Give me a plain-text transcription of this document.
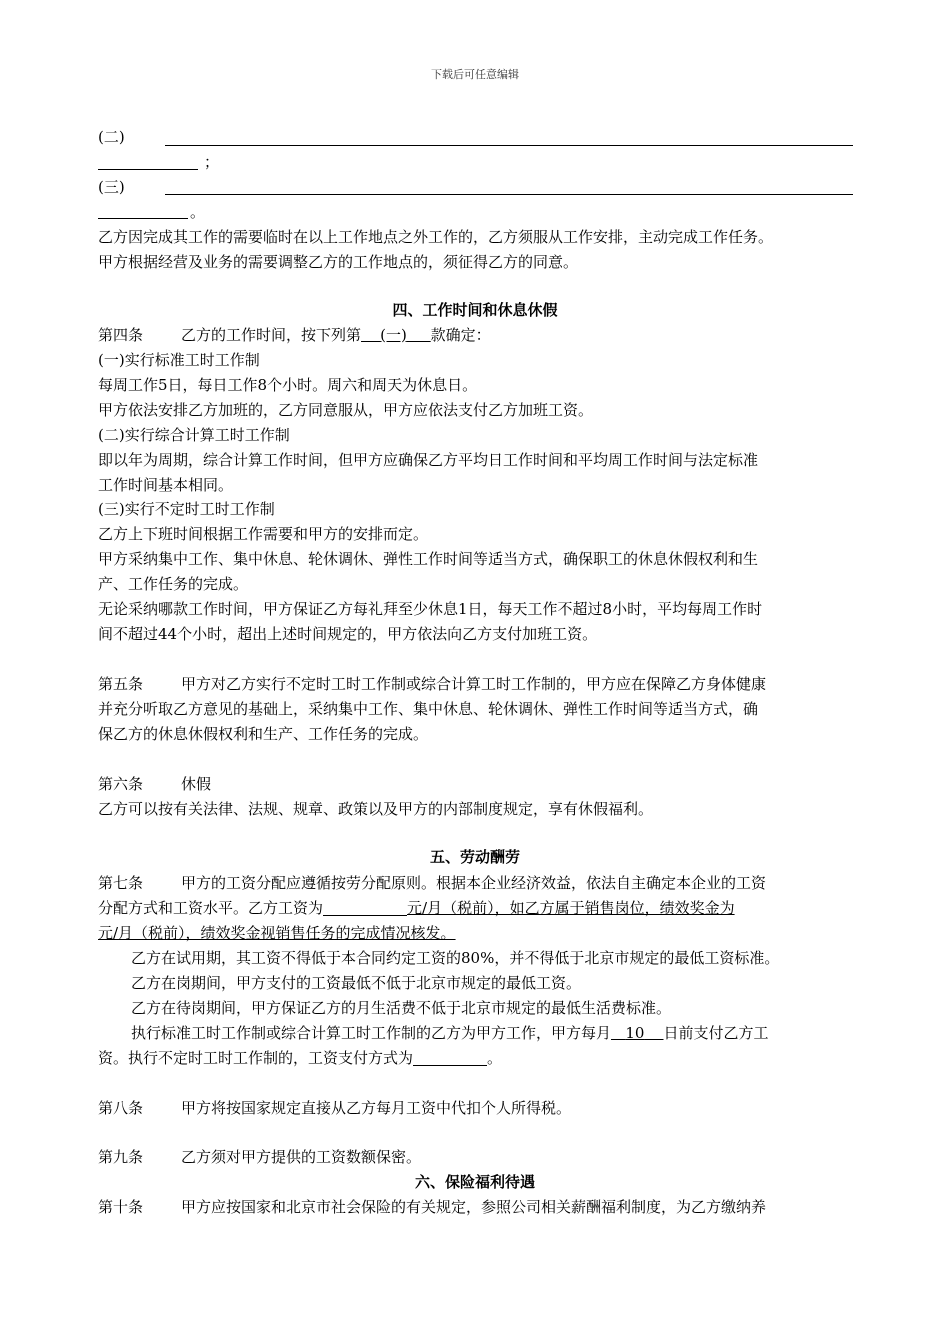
下载后可任意编辑
(二)
；
(三)
。
乙方因完成其工作的需要临时在以上工作地点之外工作的，乙方须服从工作安排，主动完成工作任务。
甲方根据经营及业务的需要调整乙方的工作地点的，须征得乙方的同意。
四、工作时间和休息休假
第四条	乙方的工作时间，按下列第 (一) 款确定：
(一)实行标准工时工作制
每周工作5日，每日工作8个小时。周六和周天为休息日。
甲方依法安排乙方加班的，乙方同意服从，甲方应依法支付乙方加班工资。
(二)实行综合计算工时工作制
即以年为周期，综合计算工作时间，但甲方应确保乙方平均日工作时间和平均周工作时间与法定标准
工作时间基本相同。
(三)实行不定时工时工作制
乙方上下班时间根据工作需要和甲方的安排而定。
甲方采纳集中工作、集中休息、轮休调休、弹性工作时间等适当方式，确保职工的休息休假权利和生
产、工作任务的完成。
无论采纳哪款工作时间，甲方保证乙方每礼拜至少休息1日，每天工作不超过8小时，平均每周工作时
间不超过44个小时，超出上述时间规定的，甲方依法向乙方支付加班工资。
第五条	甲方对乙方实行不定时工时工作制或综合计算工时工作制的，甲方应在保障乙方身体健康
并充分听取乙方意见的基础上，采纳集中工作、集中休息、轮休调休、弹性工作时间等适当方式，确
保乙方的休息休假权利和生产、工作任务的完成。
第六条	休假
乙方可以按有关法律、法规、规章、政策以及甲方的内部制度规定，享有休假福利。
五、劳动酬劳
第七条	甲方的工资分配应遵循按劳分配原则。根据本企业经济效益，依法自主确定本企业的工资
分配方式和工资水平。乙方工资为	元/月（税前），如乙方属于销售岗位，绩效奖金为
元/月（税前），绩效奖金视销售任务的完成情况核发。
乙方在试用期，其工资不得低于本合同约定工资的80%，并不得低于北京市规定的最低工资标准。
乙方在岗期间，甲方支付的工资最低不低于北京市规定的最低工资。
乙方在待岗期间，甲方保证乙方的月生活费不低于北京市规定的最低生活费标准。
执行标准工时工作制或综合计算工时工作制的乙方为甲方工作，甲方每月 10 日前支付乙方工
资。执行不定时工时工作制的，工资支付方式为	。
第八条	甲方将按国家规定直接从乙方每月工资中代扣个人所得税。
第九条	乙方须对甲方提供的工资数额保密。
六、保险福利待遇
第十条	甲方应按国家和北京市社会保险的有关规定，参照公司相关薪酬福利制度，为乙方缴纳养
